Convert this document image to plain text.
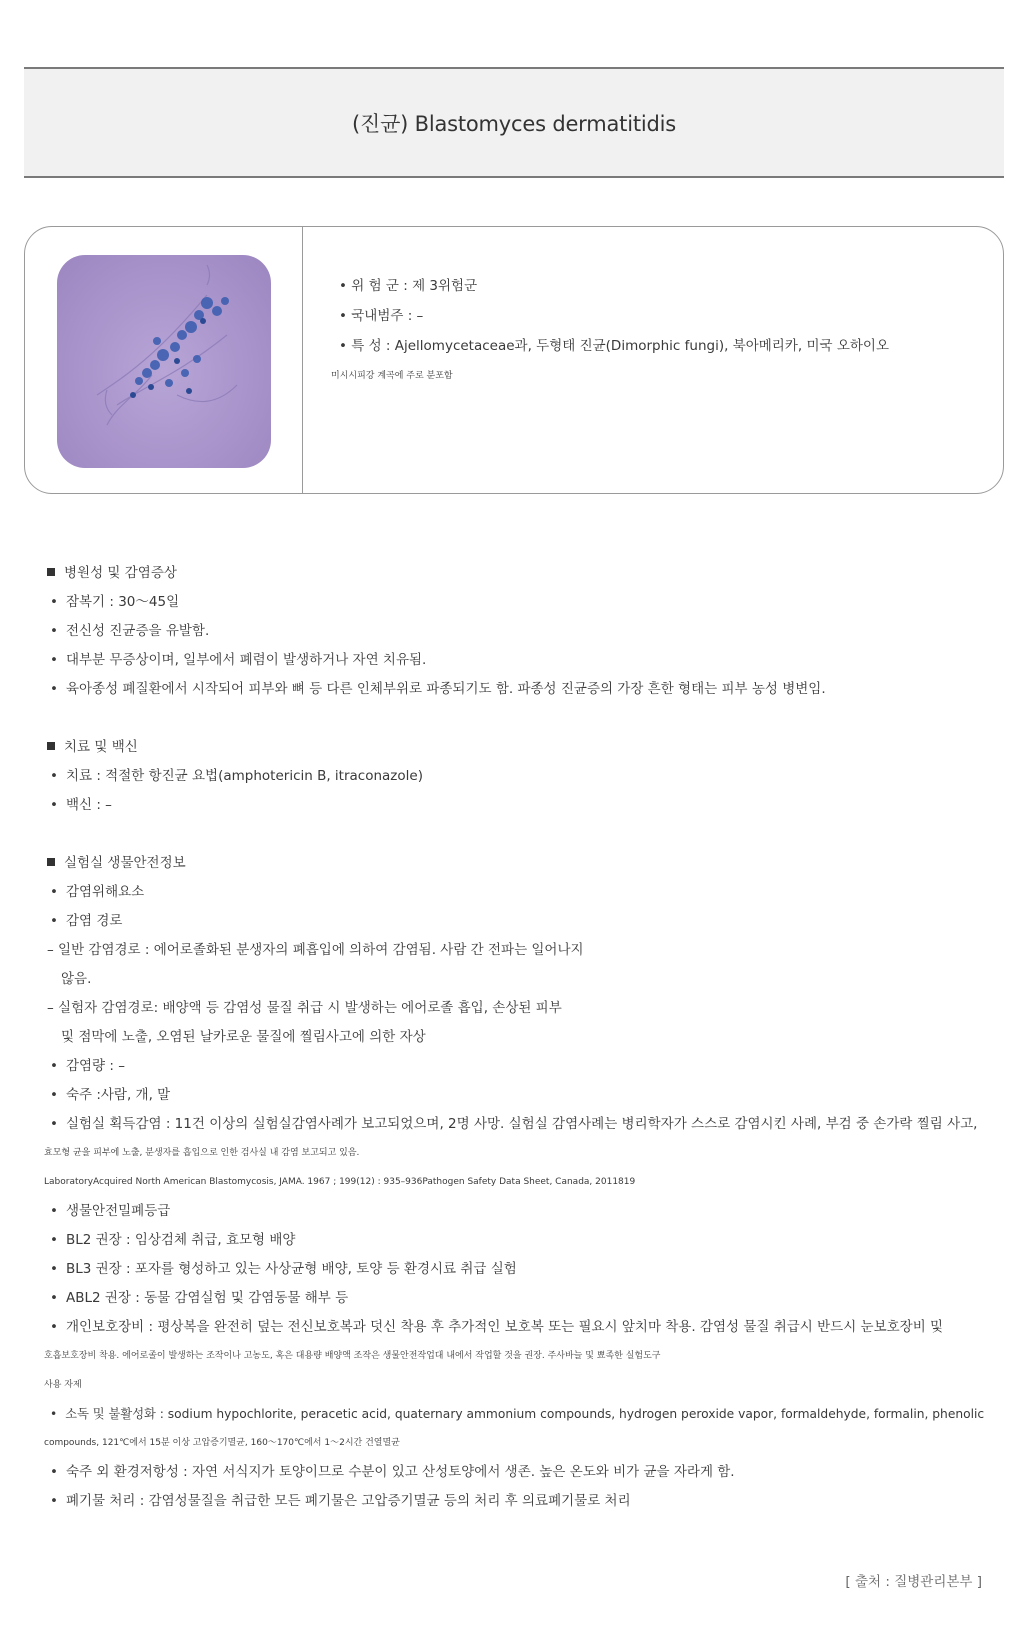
(진균) Blastomyces dermatitidis
• 위 험 군 : 제 3위험군
• 국내범주 : –
• 특 성 : Ajellomycetaceae과, 두형태 진균(Dimorphic fungi), 북아메리카, 미국 오하이오
미시시피강 계곡에 주로 분포함
병원성 및 감염증상
• 잠복기 : 30～45일
• 전신성 진균증을 유발함.
• 대부분 무증상이며, 일부에서 폐렴이 발생하거나 자연 치유됨.
• 육아종성 폐질환에서 시작되어 피부와 뼈 등 다른 인체부위로 파종되기도 함. 파종성 진균증의 가장 흔한 형태는 피부 농성 병변임.
치료 및 백신
• 치료 : 적절한 항진균 요법(amphotericin B, itraconazole)
• 백신 : –
실험실 생물안전정보
• 감염위해요소
• 감염 경로
– 일반 감염경로 : 에어로졸화된 분생자의 폐흡입에 의하여 감염됨. 사람 간 전파는 일어나지
않음.
– 실험자 감염경로: 배양액 등 감염성 물질 취급 시 발생하는 에어로졸 흡입, 손상된 피부
및 점막에 노출, 오염된 날카로운 물질에 찔림사고에 의한 자상
• 감염량 : –
• 숙주 :사람, 개, 말
• 실험실 획득감염 : 11건 이상의 실험실감염사례가 보고되었으며, 2명 사망. 실험실 감염사례는 병리학자가 스스로 감염시킨 사례, 부검 중 손가락 찔림 사고,
효모형 균을 피부에 노출, 분생자를 흡입으로 인한 검사실 내 감염 보고되고 있음.
LaboratoryAcquired North American Blastomycosis, JAMA. 1967 ; 199(12) : 935–936Pathogen Safety Data Sheet, Canada, 2011819
• 생물안전밀폐등급
• BL2 권장 : 임상검체 취급, 효모형 배양
• BL3 권장 : 포자를 형성하고 있는 사상균형 배양, 토양 등 환경시료 취급 실험
• ABL2 권장 : 동물 감염실험 및 감염동물 해부 등
• 개인보호장비 : 평상복을 완전히 덮는 전신보호복과 덧신 착용 후 추가적인 보호복 또는 필요시 앞치마 착용. 감염성 물질 취급시 반드시 눈보호장비 및
호흡보호장비 착용. 에어로졸이 발생하는 조작이나 고농도, 혹은 대용량 배양액 조작은 생물안전작업대 내에서 작업할 것을 권장. 주사바늘 및 뾰족한 실험도구
사용 자제
• 소독 및 불활성화 : sodium hypochlorite, peracetic acid, quaternary ammonium compounds, hydrogen peroxide vapor, formaldehyde, formalin, phenolic
compounds, 121℃에서 15분 이상 고압증기멸균, 160～170℃에서 1～2시간 건열멸균
• 숙주 외 환경저항성 : 자연 서식지가 토양이므로 수분이 있고 산성토양에서 생존. 높은 온도와 비가 균을 자라게 함.
• 폐기물 처리 : 감염성물질을 취급한 모든 폐기물은 고압증기멸균 등의 처리 후 의료폐기물로 처리
[ 출처 : 질병관리본부 ]
